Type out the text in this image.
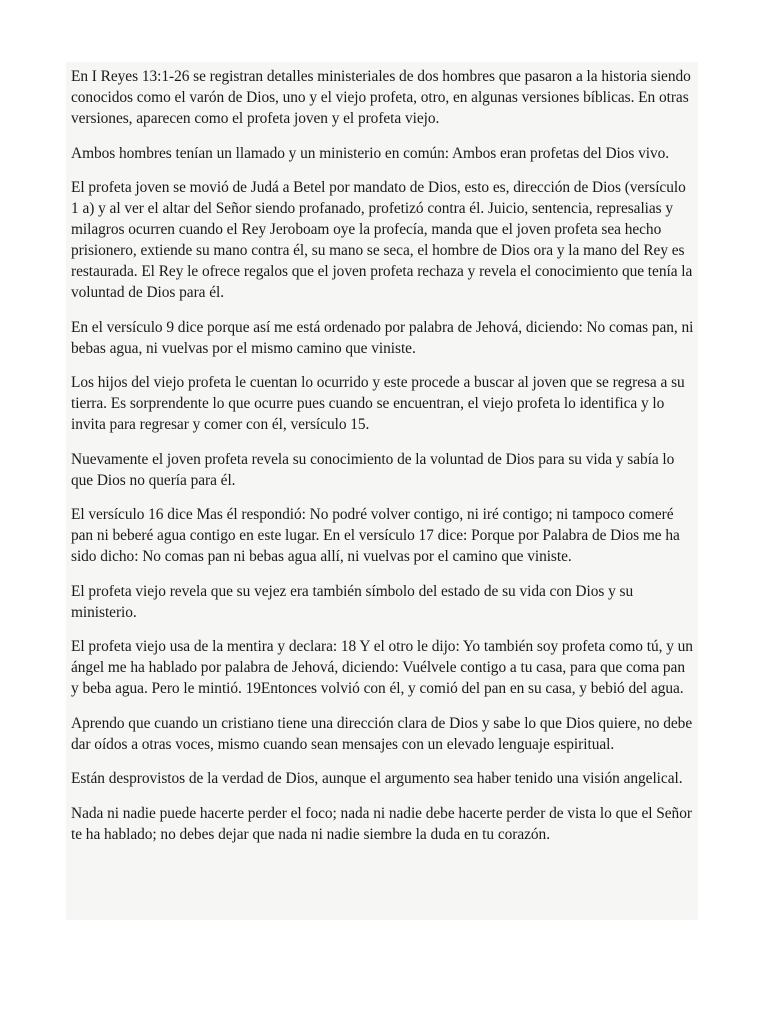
En I Reyes 13:1-26 se registran detalles ministeriales de dos hombres que pasaron a la historia siendo conocidos como el varón de Dios, uno y el viejo profeta, otro, en algunas versiones bíblicas. En otras versiones, aparecen como el profeta joven y el profeta viejo.

Ambos hombres tenían un llamado y un ministerio en común: Ambos eran profetas del Dios vivo.

El profeta joven se movió de Judá a Betel por mandato de Dios, esto es, dirección de Dios (versículo 1 a) y al ver el altar del Señor siendo profanado, profetizó contra él. Juicio, sentencia, represalias y milagros ocurren cuando el Rey Jeroboam oye la profecía, manda que el joven profeta sea hecho prisionero, extiende su mano contra él, su mano se seca, el hombre de Dios ora y la mano del Rey es restaurada. El Rey le ofrece regalos que el joven profeta rechaza y revela el conocimiento que tenía la voluntad de Dios para él.

En el versículo 9 dice porque así me está ordenado por palabra de Jehová, diciendo: No comas pan, ni bebas agua, ni vuelvas por el mismo camino que viniste.

Los hijos del viejo profeta le cuentan lo ocurrido y este procede a buscar al joven que se regresa a su tierra. Es sorprendente lo que ocurre pues cuando se encuentran, el viejo profeta lo identifica y lo invita para regresar y comer con él, versículo 15.

Nuevamente el joven profeta revela su conocimiento de la voluntad de Dios para su vida y sabía lo que Dios no quería para él.

El versículo 16 dice Mas él respondió: No podré volver contigo, ni iré contigo; ni tampoco comeré pan ni beberé agua contigo en este lugar. En el versículo 17 dice: Porque por Palabra de Dios me ha sido dicho: No comas pan ni bebas agua allí, ni vuelvas por el camino que viniste.

El profeta viejo revela que su vejez era también símbolo del estado de su vida con Dios y su ministerio.

El profeta viejo usa de la mentira y declara: 18 Y el otro le dijo: Yo también soy profeta como tú, y un ángel me ha hablado por palabra de Jehová, diciendo: Vuélvele contigo a tu casa, para que coma pan y beba agua. Pero le mintió. 19Entonces volvió con él, y comió del pan en su casa, y bebió del agua.

Aprendo que cuando un cristiano tiene una dirección clara de Dios y sabe lo que Dios quiere, no debe dar oídos a otras voces, mismo cuando sean mensajes con un elevado lenguaje espiritual.

Están desprovistos de la verdad de Dios, aunque el argumento sea haber tenido una visión angelical.

Nada ni nadie puede hacerte perder el foco; nada ni nadie debe hacerte perder de vista lo que el Señor te ha hablado; no debes dejar que nada ni nadie siembre la duda en tu corazón.
